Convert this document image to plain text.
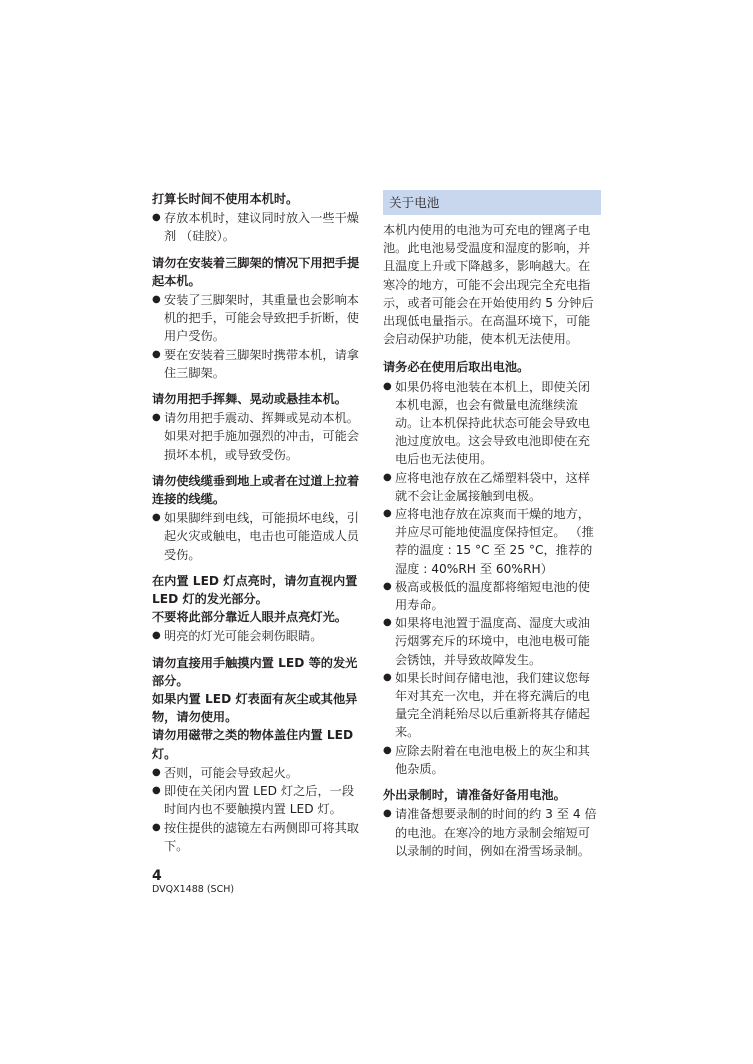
打算长时间不使用本机时。
● 存放本机时，建议同时放入一些干燥剂 （硅胶）。
请勿在安装着三脚架的情况下用把手提起本机。
● 安装了三脚架时，其重量也会影响本机的把手，可能会导致把手折断，使用户受伤。
● 要在安装着三脚架时携带本机，请拿住三脚架。
请勿用把手挥舞、晃动或悬挂本机。
● 请勿用把手震动、挥舞或晃动本机。如果对把手施加强烈的冲击，可能会损坏本机，或导致受伤。
请勿使线缆垂到地上或者在过道上拉着连接的线缆。
● 如果脚绊到电线，可能损坏电线，引起火灾或触电，电击也可能造成人员受伤。
在内置 LED 灯点亮时，请勿直视内置 LED 灯的发光部分。
不要将此部分靠近人眼并点亮灯光。
● 明亮的灯光可能会刺伤眼睛。
请勿直接用手触摸内置 LED 等的发光部分。
如果内置 LED 灯表面有灰尘或其他异物，请勿使用。
请勿用磁带之类的物体盖住内置 LED 灯。
● 否则，可能会导致起火。
● 即使在关闭内置 LED 灯之后，一段时间内也不要触摸内置 LED 灯。
● 按住提供的滤镜左右两侧即可将其取下。
关于电池
本机内使用的电池为可充电的锂离子电池。此电池易受温度和湿度的影响，并且温度上升或下降越多，影响越大。在寒冷的地方，可能不会出现完全充电指示，或者可能会在开始使用约 5 分钟后出现低电量指示。在高温环境下，可能会启动保护功能，使本机无法使用。
请务必在使用后取出电池。
● 如果仍将电池装在本机上，即使关闭本机电源，也会有微量电流继续流动。让本机保持此状态可能会导致电池过度放电。这会导致电池即使在充电后也无法使用。
● 应将电池存放在乙烯塑料袋中，这样就不会让金属接触到电极。
● 应将电池存放在凉爽而干燥的地方，并应尽可能地使温度保持恒定。 （推荐的温度 : 15 °C 至 25 °C，推荐的湿度 : 40%RH 至 60%RH）
● 极高或极低的温度都将缩短电池的使用寿命。
● 如果将电池置于温度高、湿度大或油污烟雾充斥的环境中，电池电极可能会锈蚀，并导致故障发生。
● 如果长时间存储电池，我们建议您每年对其充一次电，并在将充满后的电量完全消耗殆尽以后重新将其存储起来。
● 应除去附着在电池电极上的灰尘和其他杂质。
外出录制时，请准备好备用电池。
● 请准备想要录制的时间的约 3 至 4 倍的电池。在寒冷的地方录制会缩短可以录制的时间，例如在滑雪场录制。
4
DVQX1488 (SCH)
